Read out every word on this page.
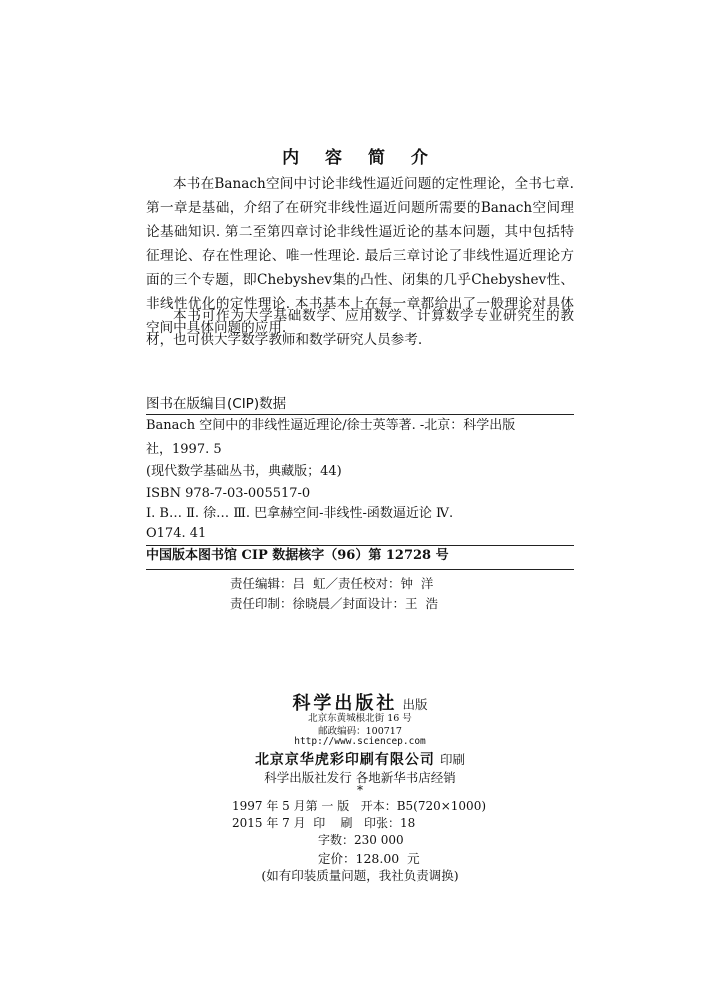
内 容 简 介
本书在Banach空间中讨论非线性逼近问题的定性理论，全书七章. 第一章是基础，介绍了在研究非线性逼近问题所需要的Banach空间理论基础知识. 第二至第四章讨论非线性逼近论的基本问题，其中包括特征理论、存在性理论、唯一性理论. 最后三章讨论了非线性逼近理论方面的三个专题，即Chebyshev集的凸性、闭集的几乎Chebyshev性、非线性优化的定性理论. 本书基本上在每一章都给出了一般理论对具体空间中具体问题的应用.
本书可作为大学基础数学、应用数学、计算数学专业研究生的教材，也可供大学数学教师和数学研究人员参考.
图书在版编目(CIP)数据
Banach 空间中的非线性逼近理论/徐士英等著. -北京：科学出版
社，1997. 5
(现代数学基础丛书，典藏版；44)
ISBN 978-7-03-005517-0
Ⅰ. B… Ⅱ. 徐… Ⅲ. 巴拿赫空间-非线性-函数逼近论 Ⅳ.
O174. 41
中国版本图书馆 CIP 数据核字（96）第 12728 号
责任编辑：吕  虹／责任校对：钟  洋
责任印制：徐晓晨／封面设计：王  浩
科学出版社 出版
北京东黄城根北街 16 号
邮政编码：100717
http://www.sciencep.com
北京京华虎彩印刷有限公司 印刷
科学出版社发行 各地新华书店经销
*
1997 年 5 月第 一 版   开本：B5(720×1000)
2015 年 7 月  印    刷   印张：18
字数：230 000
定价：128.00  元
(如有印装质量问题，我社负责调换)
